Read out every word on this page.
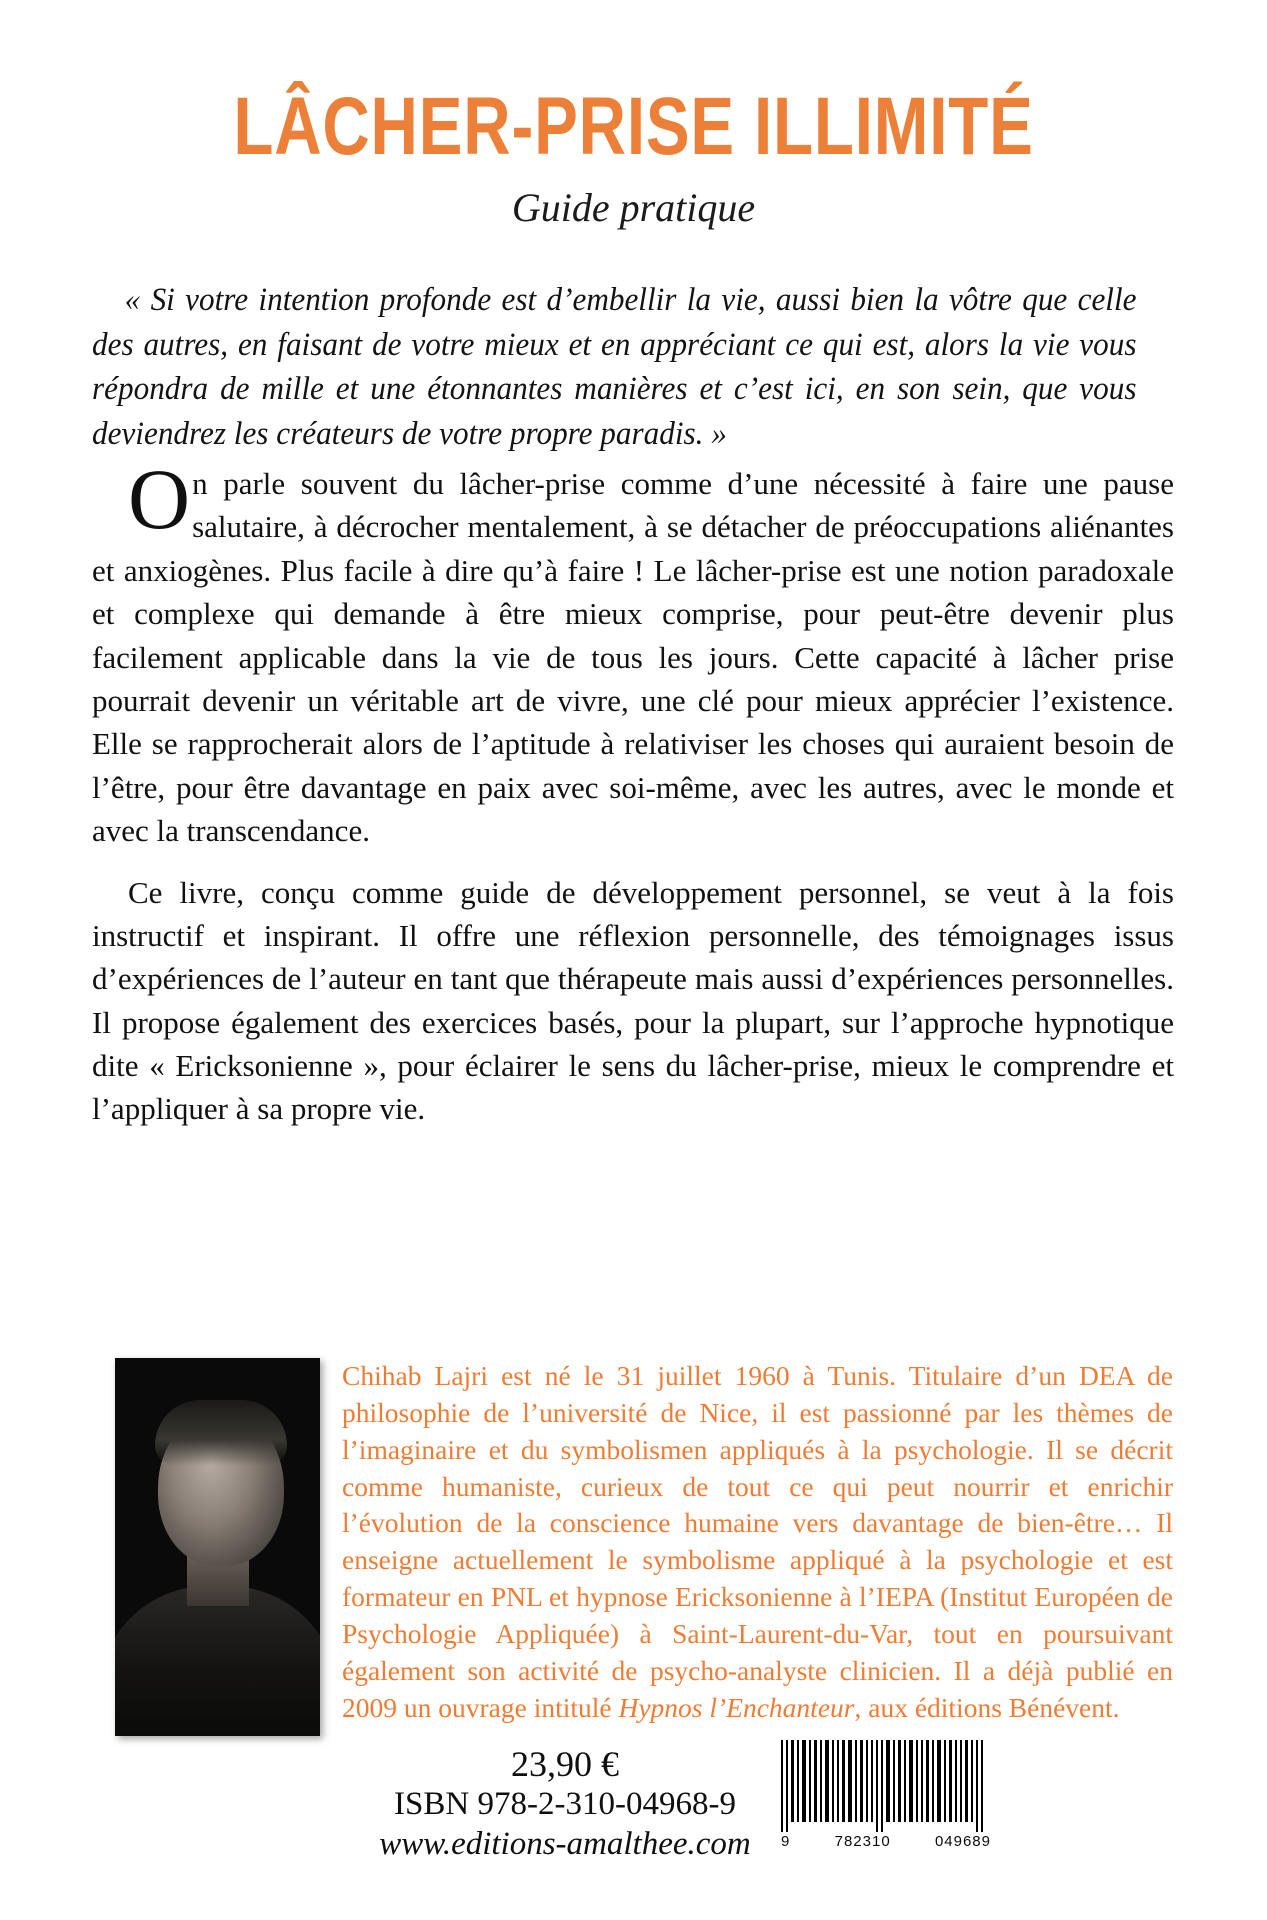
LÂCHER-PRISE ILLIMITÉ
Guide pratique
« Si votre intention profonde est d’embellir la vie, aussi bien la vôtre que celle des autres, en faisant de votre mieux et en appréciant ce qui est, alors la vie vous répondra de mille et une étonnantes manières et c’est ici, en son sein, que vous deviendrez les créateurs de votre propre paradis. »

On parle souvent du lâcher-prise comme d’une nécessité à faire une pause salutaire, à décrocher mentalement, à se détacher de préoccupations aliénantes et anxiogènes. Plus facile à dire qu’à faire ! Le lâcher-prise est une notion paradoxale et complexe qui demande à être mieux comprise, pour peut-être devenir plus facilement applicable dans la vie de tous les jours. Cette capacité à lâcher prise pourrait devenir un véritable art de vivre, une clé pour mieux apprécier l’existence. Elle se rapprocherait alors de l’aptitude à relativiser les choses qui auraient besoin de l’être, pour être davantage en paix avec soi-même, avec les autres, avec le monde et avec la transcendance.

Ce livre, conçu comme guide de développement personnel, se veut à la fois instructif et inspirant. Il offre une réflexion personnelle, des témoignages issus d’expériences de l’auteur en tant que thérapeute mais aussi d’expériences personnelles. Il propose également des exercices basés, pour la plupart, sur l’approche hypnotique dite « Ericksonienne », pour éclairer le sens du lâcher-prise, mieux le comprendre et l’appliquer à sa propre vie.

Chihab Lajri est né le 31 juillet 1960 à Tunis. Titulaire d’un DEA de philosophie de l’université de Nice, il est passionné par les thèmes de l’imaginaire et du symbolismen appliqués à la psychologie. Il se décrit comme humaniste, curieux de tout ce qui peut nourrir et enrichir l’évolution de la conscience humaine vers davantage de bien-être… Il enseigne actuellement le symbolisme appliqué à la psychologie et est formateur en PNL et hypnose Ericksonienne à l’IEPA (Institut Européen de Psychologie Appliquée) à Saint-Laurent-du-Var, tout en poursuivant également son activité de psycho-analyste clinicien. Il a déjà publié en 2009 un ouvrage intitulé Hypnos l’Enchanteur, aux éditions Bénévent.
23,90 €
ISBN 978-2-310-04968-9
www.editions-amalthee.com	9	782310	049689
